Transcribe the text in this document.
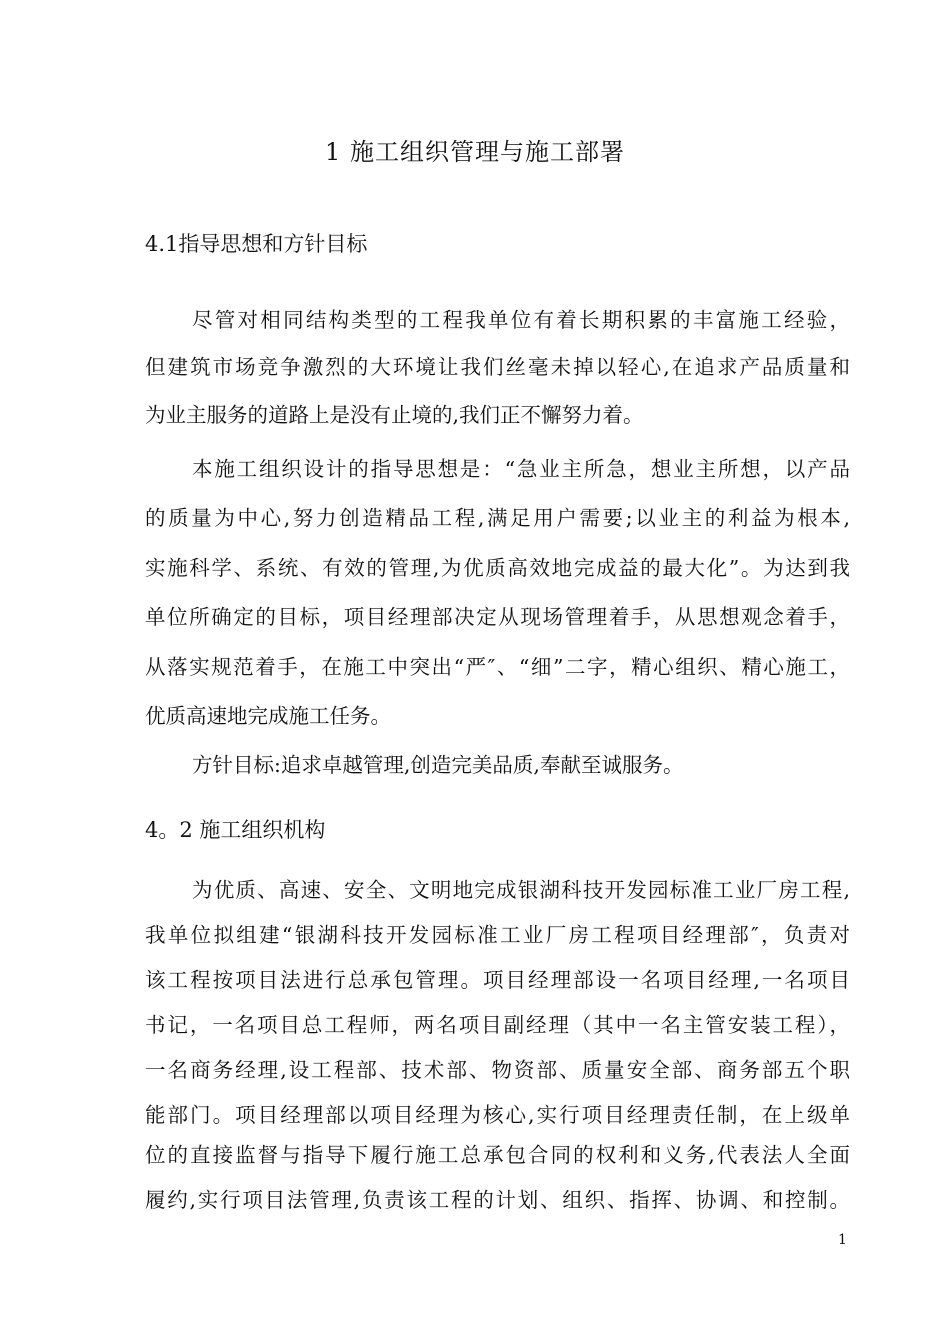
1 施工组织管理与施工部署
4.1指导思想和方针目标
尽管对相同结构类型的工程我单位有着长期积累的丰富施工经验，
但建筑市场竞争激烈的大环境让我们丝毫未掉以轻心,在追求产品质量和
为业主服务的道路上是没有止境的,我们正不懈努力着。
本施工组织设计的指导思想是：“急业主所急，想业主所想，以产品
的质量为中心,努力创造精品工程,满足用户需要;以业主的利益为根本,
实施科学、系统、有效的管理,为优质高效地完成益的最大化”。为达到我
单位所确定的目标，项目经理部决定从现场管理着手，从思想观念着手，
从落实规范着手，在施工中突出“严″、“细”二字，精心组织、精心施工，
优质高速地完成施工任务。
方针目标:追求卓越管理,创造完美品质,奉献至诚服务。
4。2 施工组织机构
为优质、高速、安全、文明地完成银湖科技开发园标准工业厂房工程,
我单位拟组建“银湖科技开发园标准工业厂房工程项目经理部″，负责对
该工程按项目法进行总承包管理。项目经理部设一名项目经理,一名项目
书记，一名项目总工程师，两名项目副经理（其中一名主管安装工程），
一名商务经理,设工程部、技术部、物资部、质量安全部、商务部五个职
能部门。项目经理部以项目经理为核心,实行项目经理责任制，在上级单
位的直接监督与指导下履行施工总承包合同的权利和义务,代表法人全面
履约,实行项目法管理,负责该工程的计划、组织、指挥、协调、和控制。
1
